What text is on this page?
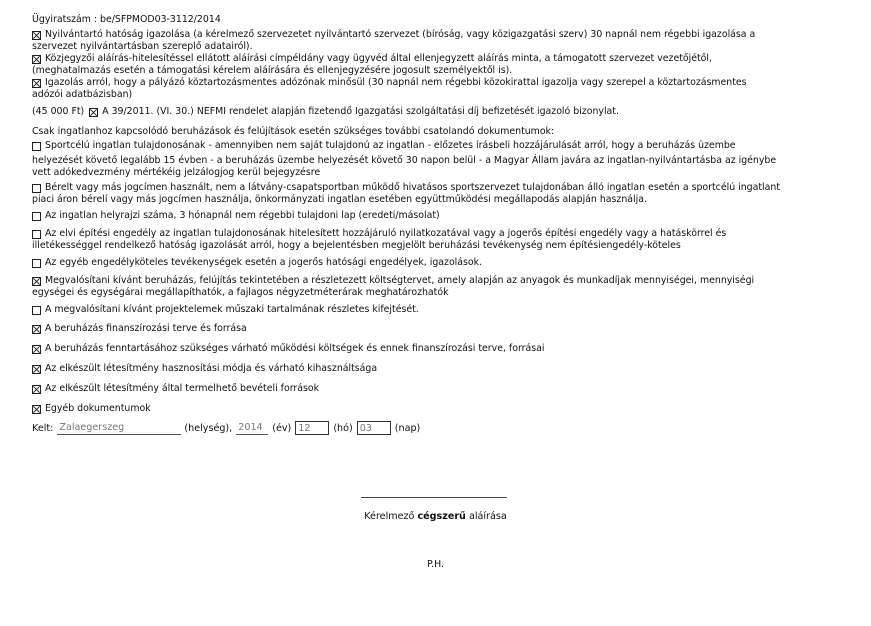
Ügyiratszám : be/SFPMOD03-3112/2014
Nyilvántartó hatóság igazolása (a kérelmező szervezetet nyilvántartó szervezet (bíróság, vagy közigazgatási szerv) 30 napnál nem régebbi igazolása a
szervezet nyilvántartásban szereplő adatairól).
Közjegyzői aláírás-hitelesítéssel ellátott aláírási címpéldány vagy ügyvéd által ellenjegyzett aláírás minta, a támogatott szervezet vezetőjétől,
(meghatalmazás esetén a támogatási kérelem aláírására és ellenjegyzésére jogosult személyektől is).
Igazolás arról, hogy a pályázó köztartozásmentes adózónak minősül (30 napnál nem régebbi közokirattal igazolja vagy szerepel a köztartozásmentes
adózói adatbázisban)
(45 000 Ft) A 39/2011. (VI. 30.) NEFMI rendelet alapján fizetendő Igazgatási szolgáltatási díj befizetését igazoló bizonylat.
Csak ingatlanhoz kapcsolódó beruházások és felújítások esetén szükséges további csatolandó dokumentumok:
Sportcélú ingatlan tulajdonosának - amennyiben nem saját tulajdonú az ingatlan - előzetes írásbeli hozzájárulását arról, hogy a beruházás üzembe
helyezését követő legalább 15 évben - a beruházás üzembe helyezését követő 30 napon belül - a Magyar Állam javára az ingatlan-nyilvántartásba az igénybe
vett adókedvezmény mértékéig jelzálogjog kerül bejegyzésre
Bérelt vagy más jogcímen használt, nem a látvány-csapatsportban működő hivatásos sportszervezet tulajdonában álló ingatlan esetén a sportcélú ingatlant
piaci áron bérelí vagy más jogcímen használja, önkormányzati ingatlan esetében együttműködési megállapodás alapján használja.
Az ingatlan helyrajzi száma, 3 hónapnál nem régebbi tulajdoni lap (eredeti/másolat)
Az elvi építési engedély az ingatlan tulajdonosának hitelesített hozzájáruló nyilatkozatával vagy a jogerős építési engedély vagy a hatáskörrel és
illetékességgel rendelkező hatóság igazolását arról, hogy a bejelentésben megjelölt beruházási tevékenység nem építésiengedély-köteles
Az egyéb engedélyköteles tevékenységek esetén a jogerős hatósági engedélyek, igazolások.
Megvalósítani kívánt beruházás, felújítás tekintetében a részletezett költségtervet, amely alapján az anyagok és munkadíjak mennyiségei, mennyiségi
egységei és egységárai megállapíthatók, a fajlagos négyzetméterárak meghatározhatók
A megvalósítani kívánt projektelemek műszaki tartalmának részletes kifejtését.
A beruházás finanszírozási terve és forrása
A beruházás fenntartásához szükséges várható működési költségek és ennek finanszírozási terve, forrásai
Az elkészült létesítmény hasznosítási módja és várható kihasználtsága
Az elkészült létesítmény által termelhető bevételi források
Egyéb dokumentumok
Kelt: Zalaegerszeg	(helység), 2014 (év) 12	(hó) 03	(nap)
Kérelmező cégszerű aláírása
P.H.
